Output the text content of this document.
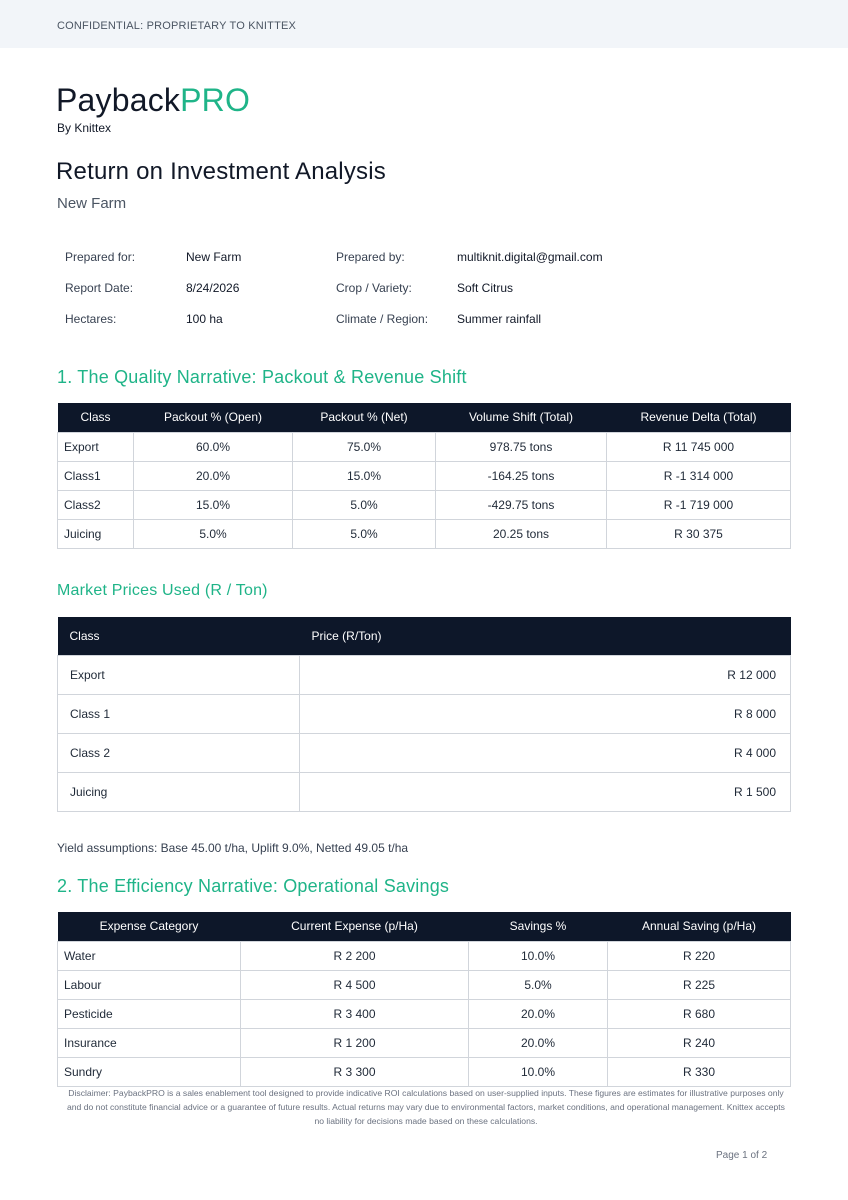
CONFIDENTIAL: PROPRIETARY TO KNITTEX
PaybackPRO
By Knittex
Return on Investment Analysis
New Farm
Prepared for:	New Farm	Prepared by:	multiknit.digital@gmail.com
Report Date:	8/24/2026	Crop / Variety:	Soft Citrus
Hectares:	100 ha	Climate / Region: Summer rainfall
1. The Quality Narrative: Packout & Revenue Shift
Class	Packout % (Open)	Packout % (Net)	Volume Shift (Total)	Revenue Delta (Total)
Export	60.0%	75.0%	978.75 tons	R 11 745 000
Class1	20.0%	15.0%	-164.25 tons	R -1 314 000
Class2	15.0%	5.0%	-429.75 tons	R -1 719 000
Juicing	5.0%	5.0%	20.25 tons	R 30 375
Market Prices Used (R / Ton)
Class	Price (R/Ton)
Export	R 12 000
Class 1	R 8 000
Class 2	R 4 000
Juicing	R 1 500
Yield assumptions: Base 45.00 t/ha, Uplift 9.0%, Netted 49.05 t/ha
2. The Efficiency Narrative: Operational Savings
Expense Category	Current Expense (p/Ha)	Savings %	Annual Saving (p/Ha)
Water	R 2 200	10.0%	R 220
Labour	R 4 500	5.0%	R 225
Pesticide	R 3 400	20.0%	R 680
Insurance	R 1 200	20.0%	R 240
Sundry	R 3 300	10.0%	R 330
Disclaimer: PaybackPRO is a sales enablement tool designed to provide indicative ROI calculations based on user-supplied inputs. These figures are estimates for illustrative purposes only and do not constitute financial advice or a guarantee of future results. Actual returns may vary due to environmental factors, market conditions, and operational management. Knittex accepts no liability for decisions made based on these calculations.
Page 1 of 2
